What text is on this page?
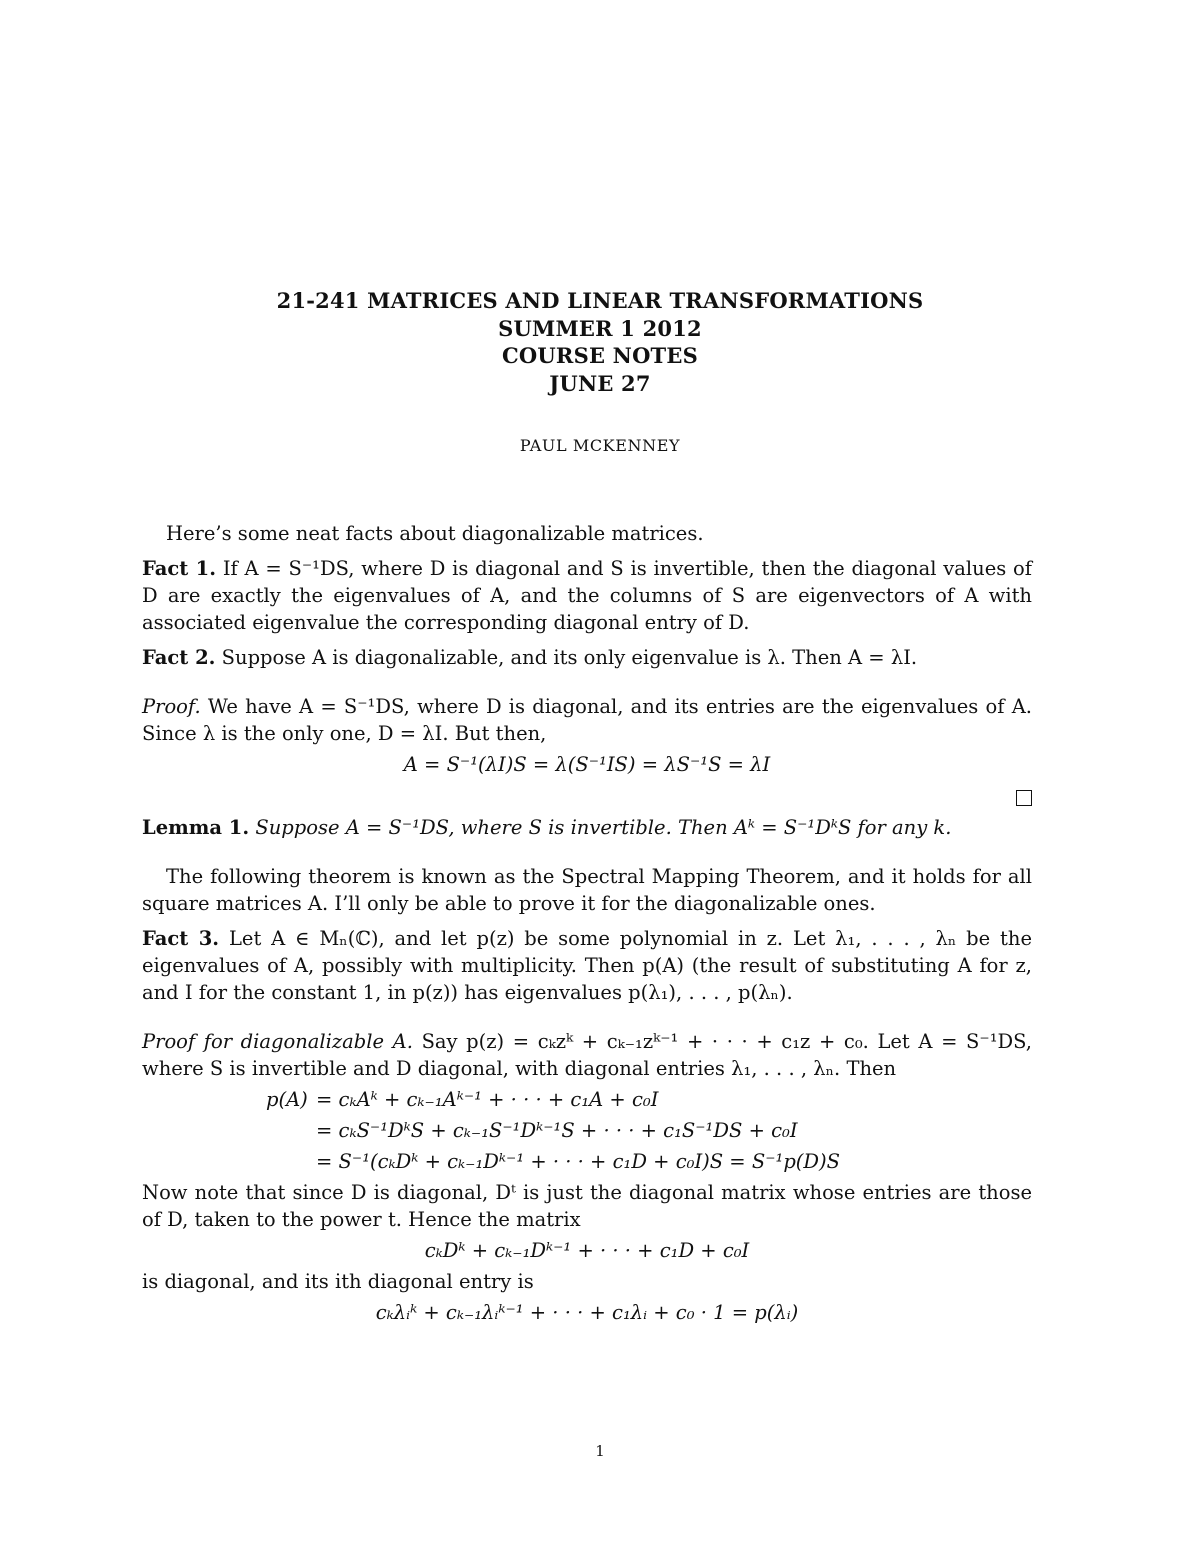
21-241 MATRICES AND LINEAR TRANSFORMATIONS
SUMMER 1 2012
COURSE NOTES
JUNE 27
PAUL MCKENNEY

Here’s some neat facts about diagonalizable matrices.

Fact 1. If A = S⁻¹DS, where D is diagonal and S is invertible, then the diagonal values of D are exactly the eigenvalues of A, and the columns of S are eigenvectors of A with associated eigenvalue the corresponding diagonal entry of D.

Fact 2. Suppose A is diagonalizable, and its only eigenvalue is λ. Then A = λI.

Proof. We have A = S⁻¹DS, where D is diagonal, and its entries are the eigenvalues of A. Since λ is the only one, D = λI. But then,

A = S⁻¹(λI)S = λ(S⁻¹IS) = λS⁻¹S = λI

Lemma 1. Suppose A = S⁻¹DS, where S is invertible. Then Aᵏ = S⁻¹DᵏS for any k.

The following theorem is known as the Spectral Mapping Theorem, and it holds for all square matrices A. I’ll only be able to prove it for the diagonalizable ones.

Fact 3. Let A ∈ Mₙ(ℂ), and let p(z) be some polynomial in z. Let λ₁, . . . , λₙ be the eigenvalues of A, possibly with multiplicity. Then p(A) (the result of substituting A for z, and I for the constant 1, in p(z)) has eigenvalues p(λ₁), . . . , p(λₙ).

Proof for diagonalizable A. Say p(z) = cₖzᵏ + cₖ₋₁zᵏ⁻¹ + · · · + c₁z + c₀. Let A = S⁻¹DS, where S is invertible and D diagonal, with diagonal entries λ₁, . . . , λₙ. Then

p(A) = cₖAᵏ + cₖ₋₁Aᵏ⁻¹ + · · · + c₁A + c₀I
= cₖS⁻¹DᵏS + cₖ₋₁S⁻¹Dᵏ⁻¹S + · · · + c₁S⁻¹DS + c₀I
= S⁻¹(cₖDᵏ + cₖ₋₁Dᵏ⁻¹ + · · · + c₁D + c₀I)S = S⁻¹p(D)S

Now note that since D is diagonal, Dᵗ is just the diagonal matrix whose entries are those of D, taken to the power t. Hence the matrix

cₖDᵏ + cₖ₋₁Dᵏ⁻¹ + · · · + c₁D + c₀I

is diagonal, and its ith diagonal entry is

cₖλᵢᵏ + cₖ₋₁λᵢᵏ⁻¹ + · · · + c₁λᵢ + c₀ · 1 = p(λᵢ)
1
